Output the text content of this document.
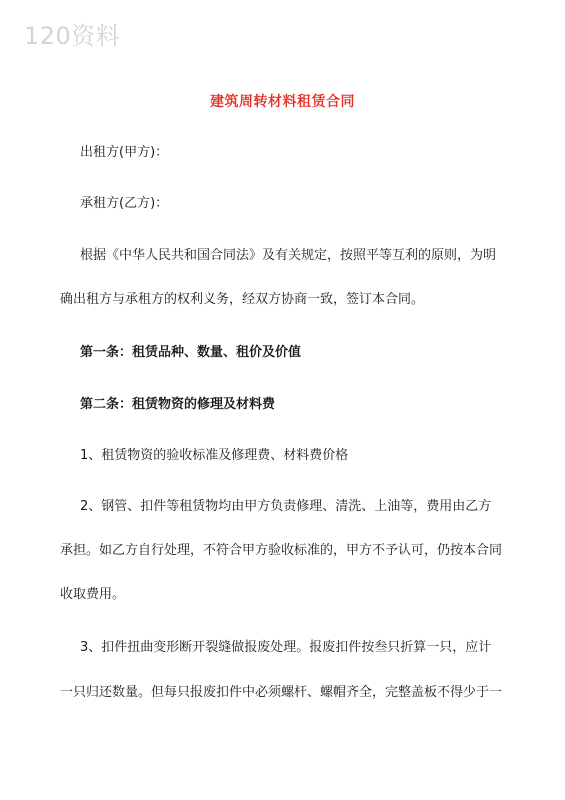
120资料
建筑周转材料租赁合同
出租方(甲方)：
承租方(乙方)：
根据《中华人民共和国合同法》及有关规定，按照平等互利的原则，为明
确出租方与承租方的权利义务，经双方协商一致，签订本合同。
第一条：租赁品种、数量、租价及价值
第二条：租赁物资的修理及材料费
1、租赁物资的验收标准及修理费、材料费价格
2、钢管、扣件等租赁物均由甲方负责修理、清洗、上油等，费用由乙方
承担。如乙方自行处理，不符合甲方验收标准的，甲方不予认可，仍按本合同
收取费用。
3、扣件扭曲变形断开裂缝做报废处理。报废扣件按叁只折算一只，应计
一只归还数量。但每只报废扣件中必须螺杆、螺帽齐全，完整盖板不得少于一
